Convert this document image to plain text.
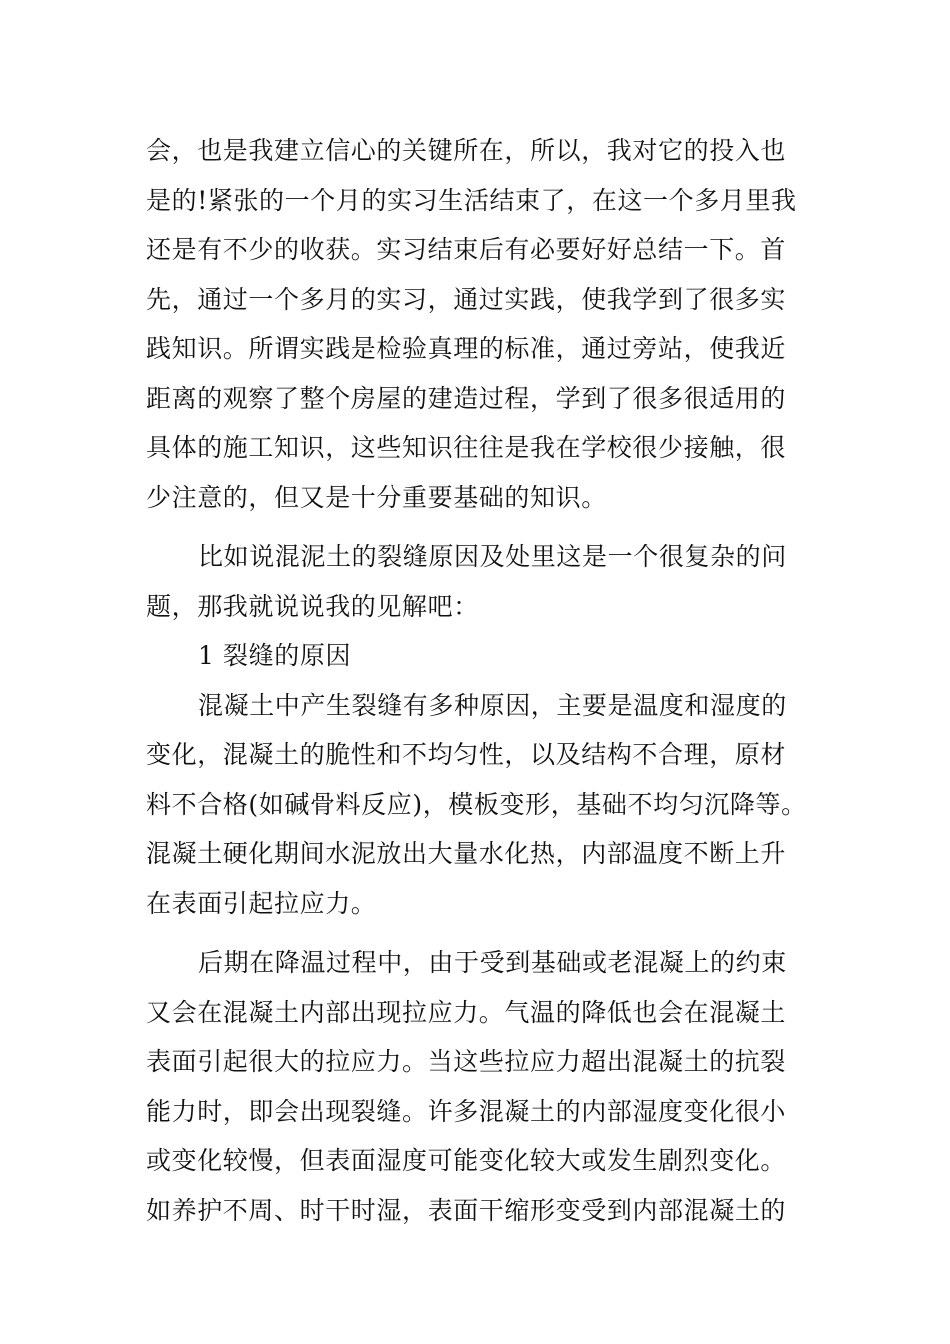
会，也是我建立信心的关键所在，所以，我对它的投入也
是的!紧张的一个月的实习生活结束了，在这一个多月里我
还是有不少的收获。实习结束后有必要好好总结一下。首
先，通过一个多月的实习，通过实践，使我学到了很多实
践知识。所谓实践是检验真理的标准，通过旁站，使我近
距离的观察了整个房屋的建造过程，学到了很多很适用的
具体的施工知识，这些知识往往是我在学校很少接触，很
少注意的，但又是十分重要基础的知识。
比如说混泥土的裂缝原因及处里这是一个很复杂的问
题，那我就说说我的见解吧：
1 裂缝的原因
混凝土中产生裂缝有多种原因，主要是温度和湿度的
变化，混凝土的脆性和不均匀性，以及结构不合理，原材
料不合格(如碱骨料反应)，模板变形，基础不均匀沉降等。
混凝土硬化期间水泥放出大量水化热，内部温度不断上升
在表面引起拉应力。
后期在降温过程中，由于受到基础或老混凝上的约束
又会在混凝土内部出现拉应力。气温的降低也会在混凝土
表面引起很大的拉应力。当这些拉应力超出混凝土的抗裂
能力时，即会出现裂缝。许多混凝土的内部湿度变化很小
或变化较慢，但表面湿度可能变化较大或发生剧烈变化。
如养护不周、时干时湿，表面干缩形变受到内部混凝土的
